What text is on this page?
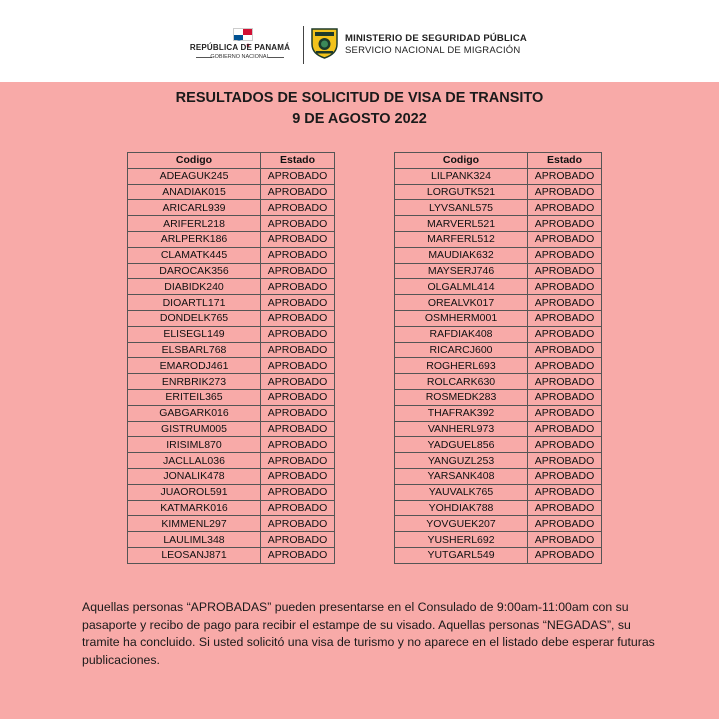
REPÚBLICA DE PANAMÁ
GOBIERNO NACIONAL
MINISTERIO DE SEGURIDAD PÚBLICA
SERVICIO NACIONAL DE MIGRACIÓN
RESULTADOS DE SOLICITUD DE VISA DE TRANSITO
9 DE AGOSTO 2022
Codigo	Estado
ADEAGUK245	APROBADO
ANADIAK015	APROBADO
ARICARL939	APROBADO
ARIFERL218	APROBADO
ARLPERK186	APROBADO
CLAMATK445	APROBADO
DAROCAK356	APROBADO
DIABIDK240	APROBADO
DIOARTL171	APROBADO
DONDELK765	APROBADO
ELISEGL149	APROBADO
ELSBARL768	APROBADO
EMARODJ461	APROBADO
ENRBRIK273	APROBADO
ERITEIL365	APROBADO
GABGARK016	APROBADO
GISTRUM005	APROBADO
IRISIML870	APROBADO
JACLLAL036	APROBADO
JONALIK478	APROBADO
JUAOROL591	APROBADO
KATMARK016	APROBADO
KIMMENL297	APROBADO
LAULIML348	APROBADO
LEOSANJ871	APROBADO
Codigo	Estado
LILPANK324	APROBADO
LORGUTK521	APROBADO
LYVSANL575	APROBADO
MARVERL521	APROBADO
MARFERL512	APROBADO
MAUDIAK632	APROBADO
MAYSERJ746	APROBADO
OLGALML414	APROBADO
OREALVK017	APROBADO
OSMHERM001	APROBADO
RAFDIAK408	APROBADO
RICARCJ600	APROBADO
ROGHERL693	APROBADO
ROLCARK630	APROBADO
ROSMEDK283	APROBADO
THAFRAK392	APROBADO
VANHERL973	APROBADO
YADGUEL856	APROBADO
YANGUZL253	APROBADO
YARSANK408	APROBADO
YAUVALK765	APROBADO
YOHDIAK788	APROBADO
YOVGUEK207	APROBADO
YUSHERL692	APROBADO
YUTGARL549	APROBADO
Aquellas personas “APROBADAS” pueden presentarse en el Consulado de 9:00am-11:00am con su pasaporte y recibo de pago para recibir el estampe de su visado. Aquellas personas “NEGADAS”, su tramite ha concluido. Si usted solicitó una visa de turismo y no aparece en el listado debe esperar futuras publicaciones.
